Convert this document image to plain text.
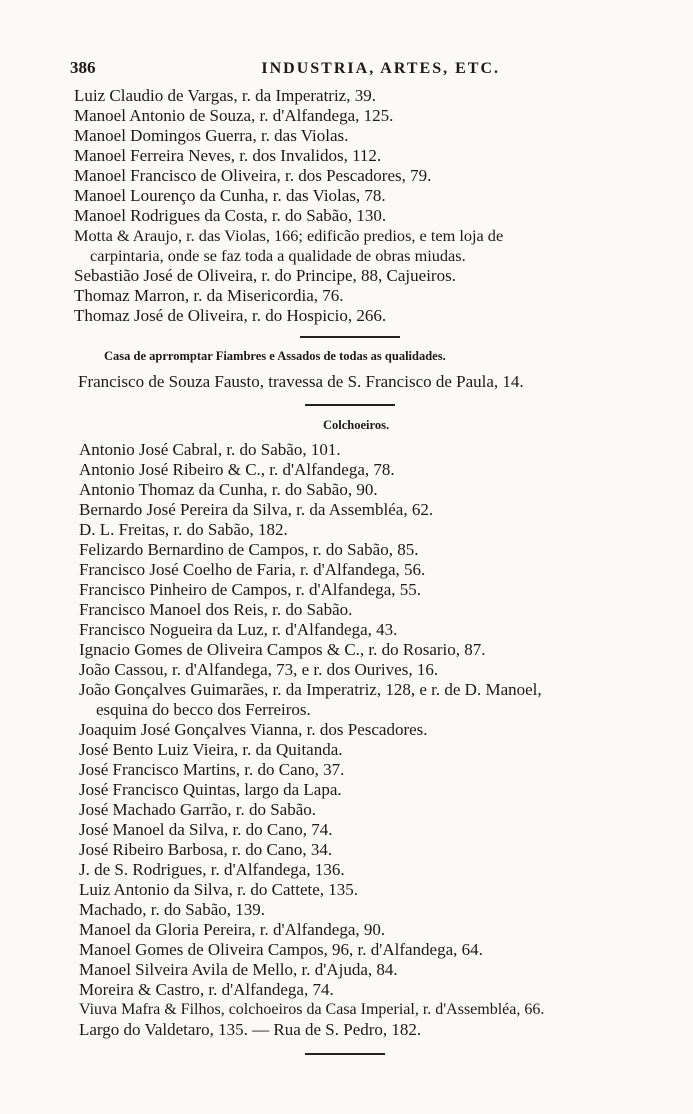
386	INDUSTRIA, ARTES, ETC.
Luiz Claudio de Vargas, r. da Imperatriz, 39.
Manoel Antonio de Souza, r. d'Alfandega, 125.
Manoel Domingos Guerra, r. das Violas.
Manoel Ferreira Neves, r. dos Invalidos, 112.
Manoel Francisco de Oliveira, r. dos Pescadores, 79.
Manoel Lourenço da Cunha, r. das Violas, 78.
Manoel Rodrigues da Costa, r. do Sabão, 130.
Motta & Araujo, r. das Violas, 166; edificão predios, e tem loja de
carpintaria, onde se faz toda a qualidade de obras miudas.
Sebastião José de Oliveira, r. do Principe, 88, Cajueiros.
Thomaz Marron, r. da Misericordia, 76.
Thomaz José de Oliveira, r. do Hospicio, 266.
Casa de aprromptar Fiambres e Assados de todas as qualidades.
Francisco de Souza Fausto, travessa de S. Francisco de Paula, 14.
Colchoeiros.
Antonio José Cabral, r. do Sabão, 101.
Antonio José Ribeiro & C., r. d'Alfandega, 78.
Antonio Thomaz da Cunha, r. do Sabão, 90.
Bernardo José Pereira da Silva, r. da Assembléa, 62.
D. L. Freitas, r. do Sabão, 182.
Felizardo Bernardino de Campos, r. do Sabão, 85.
Francisco José Coelho de Faria, r. d'Alfandega, 56.
Francisco Pinheiro de Campos, r. d'Alfandega, 55.
Francisco Manoel dos Reis, r. do Sabão.
Francisco Nogueira da Luz, r. d'Alfandega, 43.
Ignacio Gomes de Oliveira Campos & C., r. do Rosario, 87.
João Cassou, r. d'Alfandega, 73, e r. dos Ourives, 16.
João Gonçalves Guimarães, r. da Imperatriz, 128, e r. de D. Manoel,
esquina do becco dos Ferreiros.
Joaquim José Gonçalves Vianna, r. dos Pescadores.
José Bento Luiz Vieira, r. da Quitanda.
José Francisco Martins, r. do Cano, 37.
José Francisco Quintas, largo da Lapa.
José Machado Garrão, r. do Sabão.
José Manoel da Silva, r. do Cano, 74.
José Ribeiro Barbosa, r. do Cano, 34.
J. de S. Rodrigues, r. d'Alfandega, 136.
Luiz Antonio da Silva, r. do Cattete, 135.
Machado, r. do Sabão, 139.
Manoel da Gloria Pereira, r. d'Alfandega, 90.
Manoel Gomes de Oliveira Campos, 96, r. d'Alfandega, 64.
Manoel Silveira Avila de Mello, r. d'Ajuda, 84.
Moreira & Castro, r. d'Alfandega, 74.
Viuva Mafra & Filhos, colchoeiros da Casa Imperial, r. d'Assembléa, 66.
Largo do Valdetaro, 135. — Rua de S. Pedro, 182.
